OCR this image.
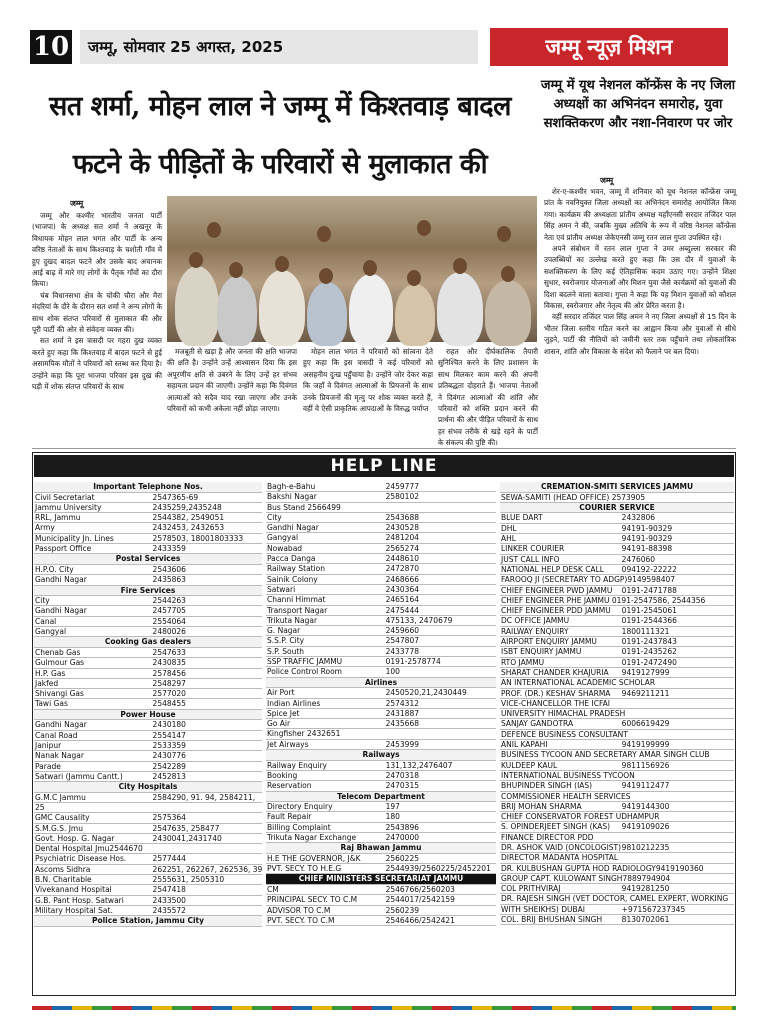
10	जम्मू, सोमवार 25 अगस्त, 2025	जम्मू न्यूज़ मिशन
सत शर्मा, मोहन लाल ने जम्मू में किश्तवाड़ बादल फटने के पीड़ितों के परिवारों से मुलाकात की
जम्मू में यूथ नेशनल कॉन्फ्रेंस के नए जिला अध्यक्षों का अभिनंदन समारोह, युवा सशक्तिकरण और नशा-निवारण पर जोर
जम्मू
जम्मू

जम्मू और कश्मीर भारतीय जनता पार्टी (भाजपा) के अध्यक्ष सत शर्मा ने अखनूर के विधायक मोहन लाल भगत और पार्टी के अन्य वरिष्ठ नेताओं के साथ किश्तवाड़ के चशोती गाँव में हुए दुखद बादल फटने और उसके बाद अचानक आई बाढ़ में मारे गए लोगों के पैतृक गाँवों का दौरा किया।

चंब विधानसभा क्षेत्र के चोकी चौरा और मैरा मंदरियां के दौरे के दौरान सत शर्मा ने अन्य लोगों के साथ शोक संतप्त परिवारों से मुलाकात की और पूरी पार्टी की ओर से संवेदना व्यक्त की।

सत शर्मा ने इस त्रासदी पर गहरा दुख व्यक्त करते हुए कहा कि किश्तवाड़ में बादल फटने से हुई असामयिक मौतों ने परिवारों को स्तब्ध कर दिया है। उन्होंने कहा कि पूरा भाजपा परिवार इस दुख की घड़ी में शोक संतप्त परिवारों के साथ

मजबूती से खड़ा है और जनता की क्षति भाजपा की क्षति है। उन्होंने उन्हें आश्वासन दिया कि इस अपूरणीय क्षति से उबरने के लिए उन्हें हर संभव सहायता प्रदान की जाएगी। उन्होंने कहा कि दिवंगत आत्माओं को सदैव याद रखा जाएगा और उनके परिवारों को कभी अकेला नहीं छोड़ा जाएगा।

मोहन लाल भगत ने परिवारों को सांत्वना देते हुए कहा कि इस त्रासदी ने कई परिवारों को असहनीय दुःख पहुँचाया है। उन्होंने जोर देकर कहा कि जहाँ वे दिवंगत आत्माओं के प्रियजनों के साथ उनके प्रियजनों की मृत्यु पर शोक व्यक्त करते हैं, वहीं वे ऐसी प्राकृतिक आपदाओं के विरुद्ध पर्याप्त

राहत और दीर्घकालिक तैयारी सुनिश्चित करने के लिए प्रशासन के साथ मिलकर काम करने की अपनी प्रतिबद्धता दोहराते हैं। भाजपा नेताओं ने दिवंगत आत्माओं की शांति और परिवारों को शक्ति प्रदान करने की प्रार्थना की और पीड़ित परिवारों के साथ हर संभव तरीके से खड़े रहने के पार्टी के संकल्प की पुष्टि की।

शेर-ए-कश्मीर भवन, जम्मू में शनिवार को यूथ नेशनल कॉन्फ्रेंस जम्मू प्रांत के नवनियुक्त जिला अध्यक्षों का अभिनंदन समारोह आयोजित किया गया। कार्यक्रम की अध्यक्षता प्रांतीय अध्यक्ष यहाँएनसी सरदार तजिंदर पाल सिंह अमन ने की, जबकि मुख्य अतिथि के रूप में वरिष्ठ नेशनल कॉन्फ्रेंस नेता एवं प्रांतीय अध्यक्ष जेकेएनसी जम्मू रतन लाल गुप्ता उपस्थित रहे।

अपने संबोधन में रतन लाल गुप्ता ने उमर अब्दुल्ला सरकार की उपलब्धियों का उल्लेख करते हुए कहा कि उस दौर में युवाओं के सशक्तिकरण के लिए कई ऐतिहासिक कदम उठाए गए। उन्होंने शिक्षा सुधार, स्वरोजगार योजनाओं और मिशन युवा जैसे कार्यक्रमों को युवाओं की दिशा बदलने वाला बताया। गुप्ता ने कहा कि यह मिशन युवाओं को कौशल विकास, स्वरोजगार और नेतृत्व की ओर प्रेरित करता है।

वहीं सरदार तजिंदर पाल सिंह अमन ने नए जिला अध्यक्षों से 15 दिन के भीतर जिला स्तरीय गठित करने का आह्वान किया और युवाओं से सीधे जुड़ने, पार्टी की नीतियों को जमीनी स्तर तक पहुँचाने तथा लोकतांत्रिक शासन, शांति और विकास के संदेश को फैलाने पर बल दिया।

HELP LINE
Important Telephone Nos.
Civil Secretariat	2547365-69
Jammu University	2435259,2435248
RRL, Jammu	2544382, 2549051
Army	2432453, 2432653
Municipality Jn. Lines	2578503, 18001803333
Passport Office	2433359
Postal Services
H.P.O. City	2543606
Gandhi Nagar	2435863
Fire Services
City	2544263
Gandhi Nagar	2457705
Canal	2554064
Gangyal	2480026
Cooking Gas dealers
Chenab Gas	2547633
Gulmour Gas	2430835
H.P. Gas	2578456
Jakfed	2548297
Shivangi Gas	2577020
Tawi Gas	2548455
Power House
Gandhi Nagar	2430180
Canal Road	2554147
Janipur	2533359
Nanak Nagar	2430776
Parade	2542289
Satwari (Jammu Cantt.)	2452813
City Hospitals
G.M.C Jammu	2584290, 91. 94, 2584211,
25
GMC Causality	2575364
S.M.G.S. Jmu	2547635, 258477
Govt. Hosp. G. Nagar	2430041,2431740
Dental Hospital Jmu2544670
Psychiatric Disease Hos.	2577444
Ascoms Sidhra	262251, 262267, 262536, 39
B.N. Charitable	2555631, 2505310
Vivekanand Hospital	2547418
G.B. Pant Hosp. Satwari	2433500
Military Hospital Sat.	2435572
Police Station, Jammu City
Bagh-e-Bahu	2459777
Bakshi Nagar	2580102
Bus Stand 2566499
City	2543688
Gandhi Nagar	2430528
Gangyal	2481204
Nowabad	2565274
Pacca Danga	2448610
Railway Station	2472870
Sainik Colony	2468666
Satwari	2430364
Channi Himmat	2465164
Transport Nagar	2475444
Trikuta Nagar	475133, 2470679
G. Nagar	2459660
S.S.P. City	2547807
S.P. South	2433778
SSP TRAFFIC JAMMU	0191-2578774
Police Control Room	100
Airlines
Air Port	2450520,21,2430449
Indian Airlines	2574312
Spice Jet	2431887
Go Air	2435668
Kingfisher 2432651
Jet Airways	2453999
Railways
Railway Enquiry	131,132,2476407
Booking	2470318
Reservation	2470315
Telecom Department
Directory Enquiry	197
Fault Repair	180
Billing Complaint	2543896
Trikuta Nagar Exchange	2470000
Raj Bhawan Jammu
H.E THE GOVERNOR, J&K	2560225
PVT. SECY. TO H.E.G	2544939/2560225/2452201
CHIEF MINISTERS SECRETARIAT JAMMU
CM	2546766/2560203
PRINCIPAL SECY. TO C.M	2544017/2542159
ADVISOR TO C.M	2560239
PVT. SECY. TO C.M	2546466/2542421
CREMATION-SMITI SERVICES JAMMU
SEWA-SAMITI (HEAD OFFICE) 2573905
COURIER SERVICE
BLUE DART	2432806
DHL	94191-90329
AHL	94191-90329
LINKER COURIER	94191-88398
JUST CALL INFO	2476060
NATIONAL HELP DESK CALL	094192-22222
FAROOQ JI (SECRETARY TO ADGP) 9149598407
CHIEF ENGINEER PWD JAMMU	0191-2471788
CHIEF ENGINEER PHE JAMMU 0191-2547586, 2544356
CHIEF ENGINEER PDD JAMMU	0191-2545061
DC OFFICE JAMMU	0191-2544366
RAILWAY ENQUIRY	1800111321
AIRPORT ENQUIRY JAMMU	0191-2437843
ISBT ENQUIRY JAMMU	0191-2435262
RTO JAMMU	0191-2472490
SHARAT CHANDER KHAJURIA	9419127999
AN INTERNATIONAL ACADEMIC SCHOLAR
PROF. (DR.) KESHAV SHARMA	9469211211
VICE-CHANCELLOR THE ICFAI
UNIVERSITY HIMACHAL PRADESH
SANJAY GANDOTRA	6006619429
DEFENCE BUSINESS CONSULTANT
ANIL KAPAHI	9419199999
BUSINESS TYCOON AND SECRETARY AMAR SINGH CLUB
KULDEEP KAUL	9811156926
INTERNATIONAL BUSINESS TYCOON
BHUPINDER SINGH (IAS)	9419112477
COMMISSIONER HEALTH SERVICES
BRIJ MOHAN SHARMA	9419144300
CHIEF CONSERVATOR FOREST UDHAMPUR
S. OPINDERJEET SINGH (KAS)	9419109026
FINANCE DIRECTOR PDD
DR. ASHOK VAID (ONCOLOGIST) 9810212235
DIRECTOR MADANTA HOSPITAL
DR. KULBUSHAN GUPTA HOD RADIOLOGY 9419190360
GROUP CAPT. KULOWANT SINGH 7889794904
COL PRITHVIRAJ	9419281250
DR. RAJESH SINGH (VET DOCTOR, CAMEL EXPERT, WORKING
WITH SHEIKHS) DUBAI	+971567237345
COL. BRIJ BHUSHAN SINGH	8130702061
